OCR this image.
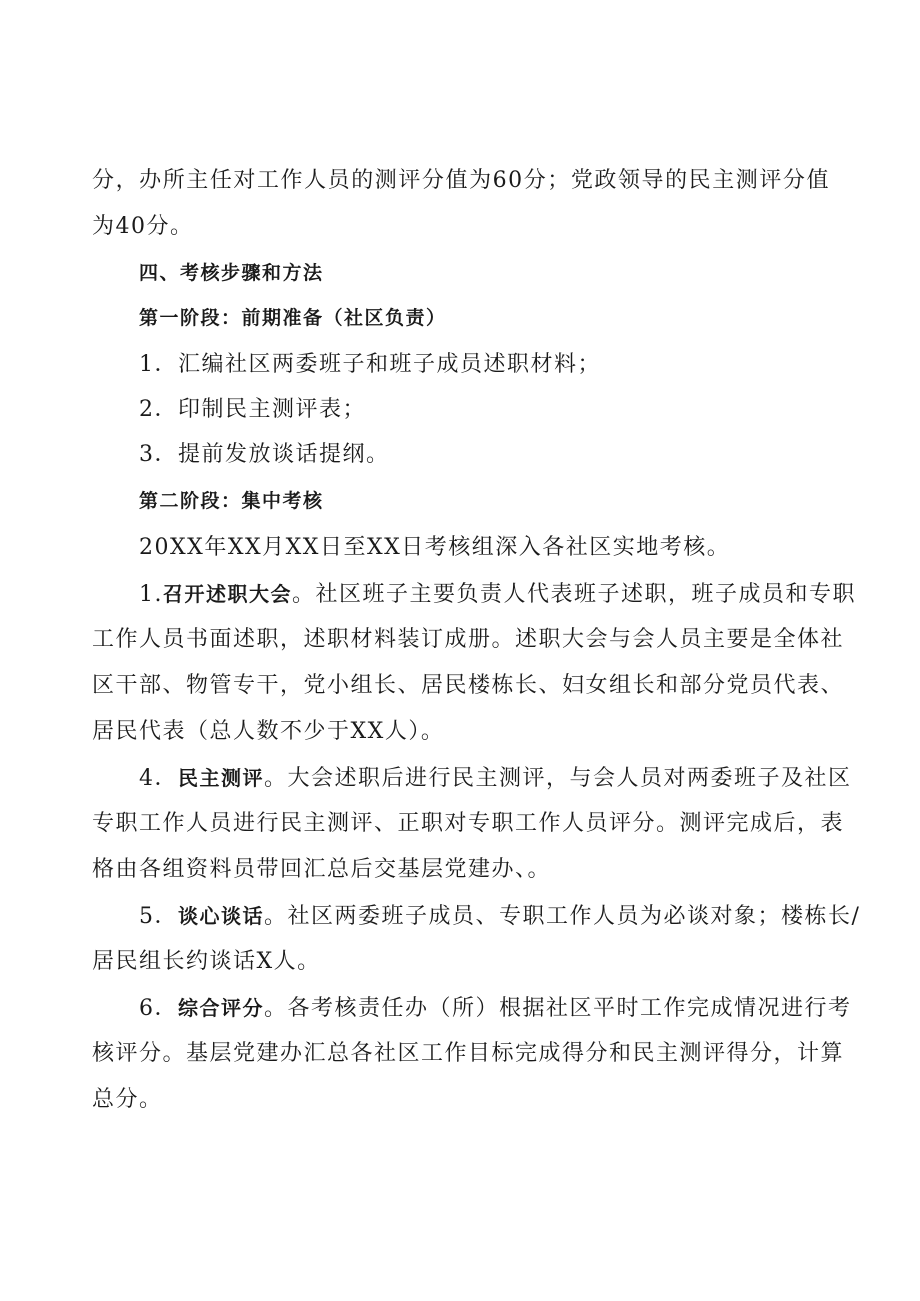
分，办所主任对工作人员的测评分值为60分；党政领导的民主测评分值
为40分。
四、考核步骤和方法
第一阶段：前期准备（社区负责）
1．汇编社区两委班子和班子成员述职材料；
2．印制民主测评表；
3．提前发放谈话提纲。
第二阶段：集中考核
20XX年XX月XX日至XX日考核组深入各社区实地考核。
1.召开述职大会。社区班子主要负责人代表班子述职，班子成员和专职
工作人员书面述职，述职材料装订成册。述职大会与会人员主要是全体社
区干部、物管专干，党小组长、居民楼栋长、妇女组长和部分党员代表、
居民代表（总人数不少于XX人）。
4．民主测评。大会述职后进行民主测评，与会人员对两委班子及社区
专职工作人员进行民主测评、正职对专职工作人员评分。测评完成后，表
格由各组资料员带回汇总后交基层党建办、。
5．谈心谈话。社区两委班子成员、专职工作人员为必谈对象；楼栋长/
居民组长约谈话X人。
6．综合评分。各考核责任办（所）根据社区平时工作完成情况进行考
核评分。基层党建办汇总各社区工作目标完成得分和民主测评得分，计算
总分。
